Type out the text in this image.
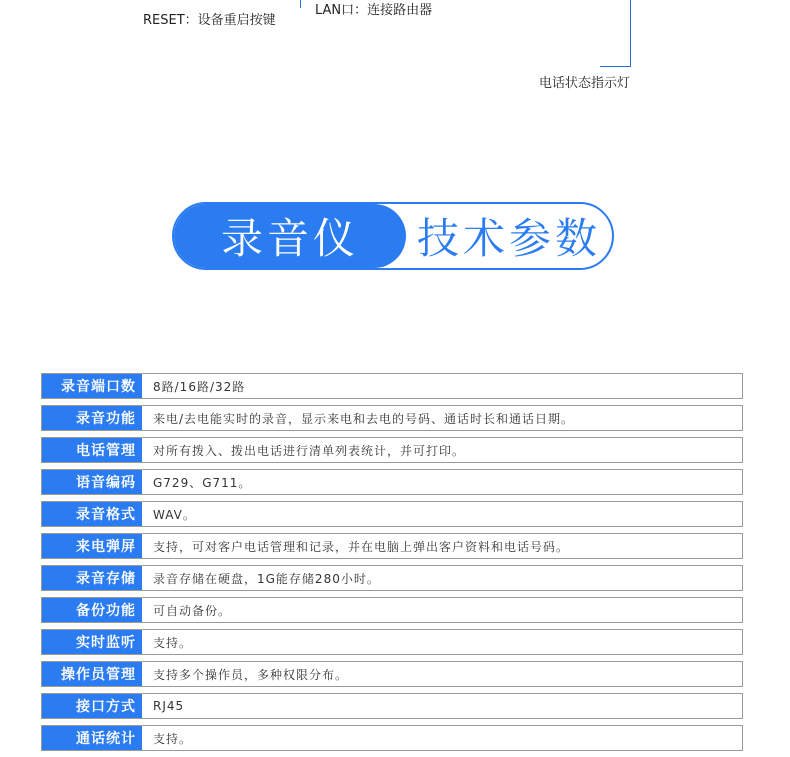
RESET：设备重启按键
LAN口：连接路由器
电话状态指示灯
录音仪	技术参数
录音端口数	8路/16路/32路
录音功能	来电/去电能实时的录音，显示来电和去电的号码、通话时长和通话日期。
电话管理	对所有拨入、拨出电话进行清单列表统计，并可打印。
语音编码	G729、G711。
录音格式	WAV。
来电弹屏	支持，可对客户电话管理和记录，并在电脑上弹出客户资料和电话号码。
录音存储	录音存储在硬盘，1G能存储280小时。
备份功能	可自动备份。
实时监听	支持。
操作员管理	支持多个操作员，多种权限分布。
接口方式	RJ45
通话统计	支持。
